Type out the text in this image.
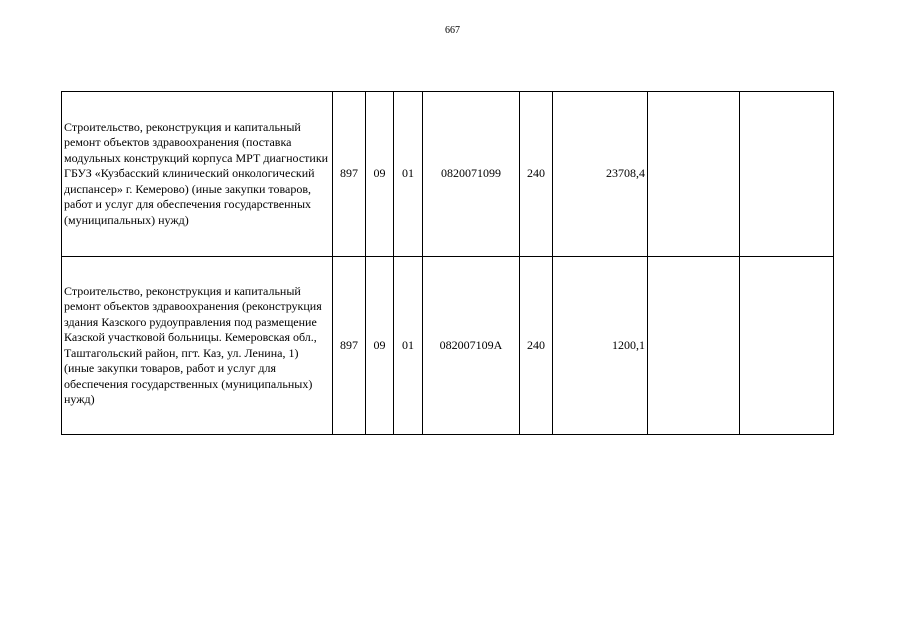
667
Строительство, реконструкция и капитальный ремонт объектов здравоохранения (поставка модульных конструкций корпуса МРТ диагностики ГБУЗ «Кузбасский клинический онкологический диспансер» г. Кемерово) (иные закупки товаров, работ и услуг для обеспечения государственных (муниципальных) нужд)	897	09	01	0820071099	240	23708,4		
Строительство, реконструкция и капитальный ремонт объектов здравоохранения (реконструкция здания Казского рудоуправления под размещение Казской участковой больницы. Кемеровская обл., Таштагольский район, пгт. Каз, ул. Ленина, 1) (иные закупки товаров, работ и услуг для обеспечения государственных (муниципальных) нужд)	897	09	01	082007109А	240	1200,1		
